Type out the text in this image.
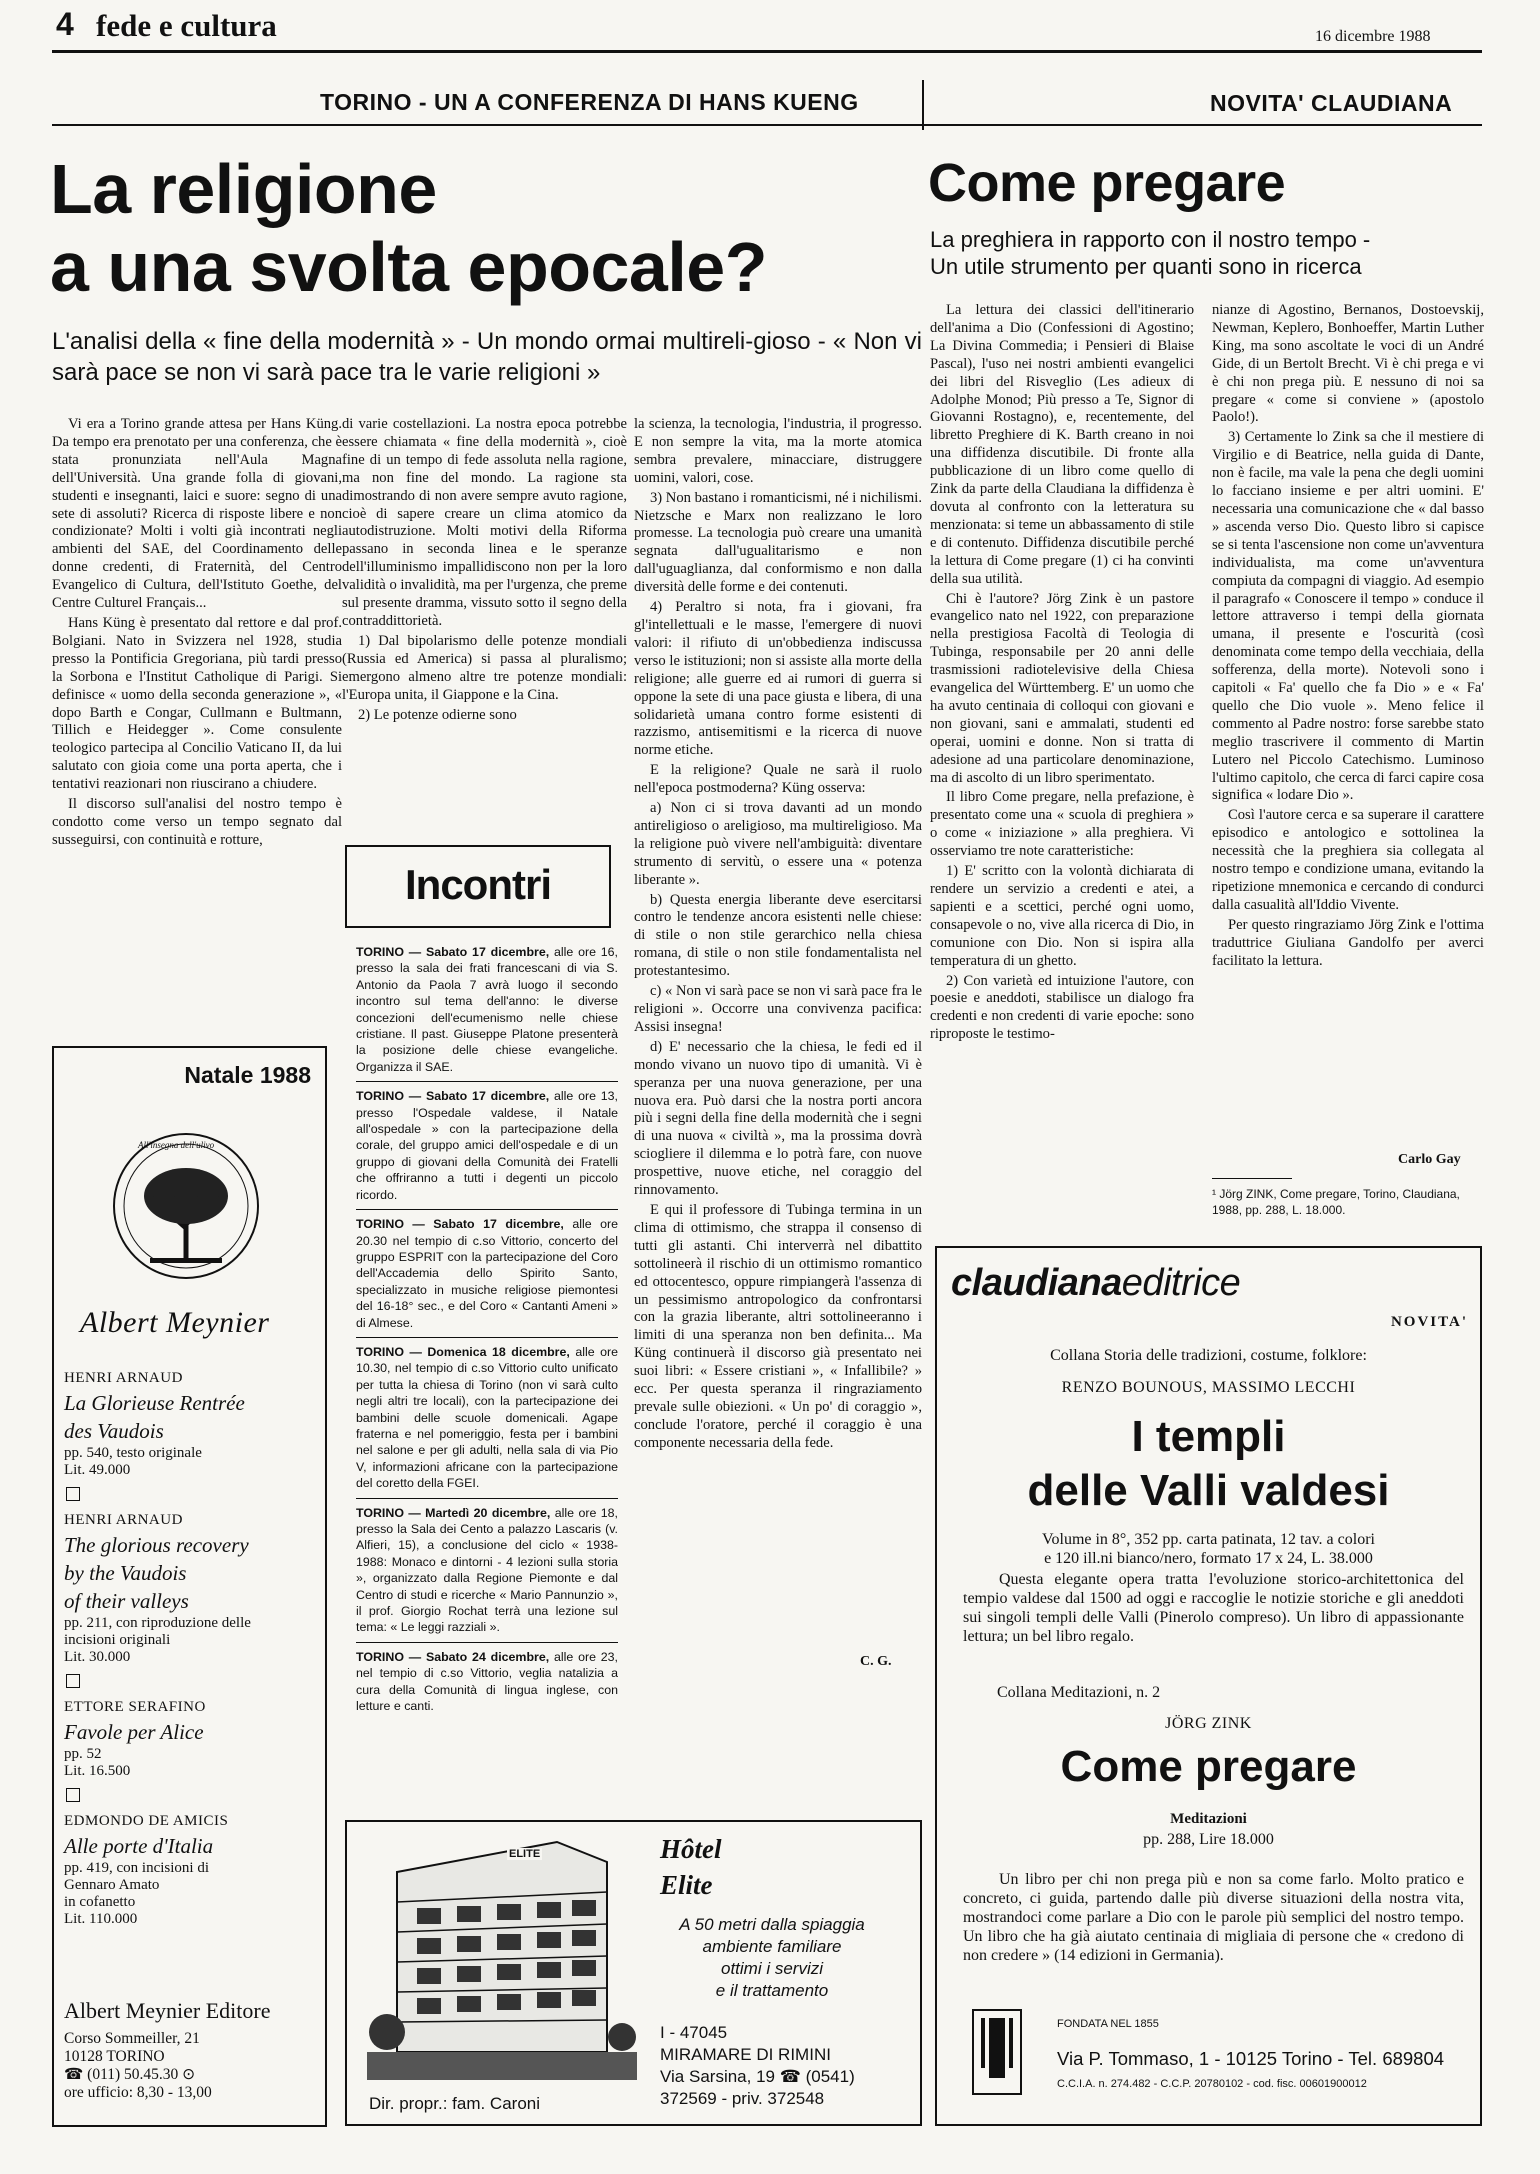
4 fede e cultura	16 dicembre 1988
TORINO - UN A CONFERENZA DI HANS KUENG
La religione
a una svolta epocale?
L'analisi della « fine della modernità » - Un mondo ormai multireli-gioso - « Non vi sarà pace se non vi sarà pace tra le varie religioni »

Vi era a Torino grande attesa per Hans Küng. Da tempo era prenotato per una conferenza, che è stata pronunziata nell'Aula Magna dell'Università. Una grande folla di giovani, studenti e insegnanti, laici e suore: segno di una sete di assoluti? Ricerca di risposte libere e non condizionate? Molti i volti già incontrati negli ambienti del SAE, del Coordinamento delle donne credenti, di Fraternità, del Centro Evangelico di Cultura, dell'Istituto Goethe, del Centre Culturel Français...

Hans Küng è presentato dal rettore e dal prof. Bolgiani. Nato in Svizzera nel 1928, studia presso la Pontificia Gregoriana, più tardi presso la Sorbona e l'Institut Catholique di Parigi. Si definisce « uomo della seconda generazione », « dopo Barth e Congar, Cullmann e Bultmann, Tillich e Heidegger ». Come consulente teologico partecipa al Concilio Vaticano II, da lui salutato con gioia come una porta aperta, che i tentativi reazionari non riuscirano a chiudere.

Il discorso sull'analisi del nostro tempo è condotto come verso un tempo segnato dal susseguirsi, con continuità e rotture,

di varie costellazioni. La nostra epoca potrebbe essere chiamata « fine della modernità », cioè fine di un tempo di fede assoluta nella ragione, ma non fine del mondo. La ragione sta dimostrando di non avere sempre avuto ragione, cioè di sapere creare un clima atomico da autodistruzione. Molti motivi della Riforma passano in seconda linea e le speranze dell'illuminismo impallidiscono non per la loro validità o invalidità, ma per l'urgenza, che preme sul presente dramma, vissuto sotto il segno della contraddittorietà.

1) Dal bipolarismo delle potenze mondiali (Russia ed America) si passa al pluralismo; emergono almeno altre tre potenze mondiali: l'Europa unita, il Giappone e la Cina.

2) Le potenze odierne sono

la scienza, la tecnologia, l'industria, il progresso. E non sempre la vita, ma la morte atomica sembra prevalere, minacciare, distruggere uomini, valori, cose.

3) Non bastano i romanticismi, né i nichilismi. Nietzsche e Marx non realizzano le loro promesse. La tecnologia può creare una umanità segnata dall'ugualitarismo e non dall'uguaglianza, dal conformismo e non dalla diversità delle forme e dei contenuti.

4) Peraltro si nota, fra i giovani, fra gl'intellettuali e le masse, l'emergere di nuovi valori: il rifiuto di un'obbedienza indiscussa verso le istituzioni; non si assiste alla morte della religione; alle guerre ed ai rumori di guerra si oppone la sete di una pace giusta e libera, di una solidarietà umana contro forme esistenti di razzismo, antisemitismi e la ricerca di nuove norme etiche.

E la religione? Quale ne sarà il ruolo nell'epoca postmoderna? Küng osserva:

a) Non ci si trova davanti ad un mondo antireligioso o areligioso, ma multireligioso. Ma la religione può vivere nell'ambiguità: diventare strumento di servitù, o essere una « potenza liberante ».

b) Questa energia liberante deve esercitarsi contro le tendenze ancora esistenti nelle chiese: di stile o non stile gerarchico nella chiesa romana, di stile o non stile fondamentalista nel protestantesimo.

c) « Non vi sarà pace se non vi sarà pace fra le religioni ». Occorre una convivenza pacifica: Assisi insegna!

d) E' necessario che la chiesa, le fedi ed il mondo vivano un nuovo tipo di umanità. Vi è speranza per una nuova generazione, per una nuova era. Può darsi che la nostra porti ancora più i segni della fine della modernità che i segni di una nuova « civiltà », ma la prossima dovrà sciogliere il dilemma e lo potrà fare, con nuove prospettive, nuove etiche, nel coraggio del rinnovamento.

E qui il professore di Tubinga termina in un clima di ottimismo, che strappa il consenso di tutti gli astanti. Chi interverrà nel dibattito sottolineerà il rischio di un ottimismo romantico ed ottocentesco, oppure rimpiangerà l'assenza di un pessimismo antropologico da confrontarsi con la grazia liberante, altri sottolineeranno i limiti di una speranza non ben definita... Ma Küng continuerà il discorso già presentato nei suoi libri: « Essere cristiani », « Infallibile? » ecc. Per questa speranza il ringraziamento prevale sulle obiezioni. « Un po' di coraggio », conclude l'oratore, perché il coraggio è una componente necessaria della fede.

C. G.
Incontri
TORINO — Sabato 17 dicembre, alle ore 16, presso la sala dei frati francescani di via S. Antonio da Paola 7 avrà luogo il secondo incontro sul tema dell'anno: le diverse concezioni dell'ecumenismo nelle chiese cristiane. Il past. Giuseppe Platone presenterà la posizione delle chiese evangeliche. Organizza il SAE.
TORINO — Sabato 17 dicembre, alle ore 13, presso l'Ospedale valdese, il Natale all'ospedale » con la partecipazione della corale, del gruppo amici dell'ospedale e di un gruppo di giovani della Comunità dei Fratelli che offriranno a tutti i degenti un piccolo ricordo.
TORINO — Sabato 17 dicembre, alle ore 20.30 nel tempio di c.so Vittorio, concerto del gruppo ESPRIT con la partecipazione del Coro dell'Accademia dello Spirito Santo, specializzato in musiche religiose piemontesi del 16-18° sec., e del Coro « Cantanti Ameni » di Almese.
TORINO — Domenica 18 dicembre, alle ore 10.30, nel tempio di c.so Vittorio culto unificato per tutta la chiesa di Torino (non vi sarà culto negli altri tre locali), con la partecipazione dei bambini delle scuole domenicali. Agape fraterna e nel pomeriggio, festa per i bambini nel salone e per gli adulti, nella sala di via Pio V, informazioni africane con la partecipazione del coretto della FGEI.
TORINO — Martedì 20 dicembre, alle ore 18, presso la Sala dei Cento a palazzo Lascaris (v. Alfieri, 15), a conclusione del ciclo « 1938-1988: Monaco e dintorni - 4 lezioni sulla storia », organizzato dalla Regione Piemonte e dal Centro di studi e ricerche « Mario Pannunzio », il prof. Giorgio Rochat terrà una lezione sul tema: « Le leggi razziali ».
TORINO — Sabato 24 dicembre, alle ore 23, nel tempio di c.so Vittorio, veglia natalizia a cura della Comunità di lingua inglese, con letture e canti.
Natale 1988
All'insegna dell'ulivo
Albert Meynier
HENRI ARNAUD
La Glorieuse Rentrée
des Vaudois
pp. 540, testo originale
Lit. 49.000
HENRI ARNAUD
The glorious recovery
by the Vaudois
of their valleys
pp. 211, con riproduzione delle
incisioni originali
Lit. 30.000
ETTORE SERAFINO
Favole per Alice
pp. 52
Lit. 16.500
EDMONDO DE AMICIS
Alle porte d'Italia
pp. 419, con incisioni di
Gennaro Amato
in cofanetto
Lit. 110.000
Albert Meynier Editore
Corso Sommeiller, 21
10128 TORINO
☎ (011) 50.45.30 ⊙
ore ufficio: 8,30 - 13,00
ELITE	Hôtel
Elite
A 50 metri dalla spiaggia
ambiente familiare
ottimi i servizi
e il trattamento
I - 47045
MIRAMARE DI RIMINI
Via Sarsina, 19 ☎ (0541)
372569 - priv. 372548
Dir. propr.: fam. Caroni
NOVITA' CLAUDIANA
Come pregare
La preghiera in rapporto con il nostro tempo -
Un utile strumento per quanti sono in ricerca

La lettura dei classici dell'itinerario dell'anima a Dio (Confessioni di Agostino; La Divina Commedia; i Pensieri di Blaise Pascal), l'uso nei nostri ambienti evangelici dei libri del Risveglio (Les adieux di Adolphe Monod; Più presso a Te, Signor di Giovanni Rostagno), e, recentemente, del libretto Preghiere di K. Barth creano in noi una diffidenza discutibile. Di fronte alla pubblicazione di un libro come quello di Zink da parte della Claudiana la diffidenza è dovuta al confronto con la letteratura su menzionata: si teme un abbassamento di stile e di contenuto. Diffidenza discutibile perché la lettura di Come pregare (1) ci ha convinti della sua utilità.

Chi è l'autore? Jörg Zink è un pastore evangelico nato nel 1922, con preparazione nella prestigiosa Facoltà di Teologia di Tubinga, responsabile per 20 anni delle trasmissioni radiotelevisive della Chiesa evangelica del Württemberg. E' un uomo che ha avuto centinaia di colloqui con giovani e non giovani, sani e ammalati, studenti ed operai, uomini e donne. Non si tratta di adesione ad una particolare denominazione, ma di ascolto di un libro sperimentato.

Il libro Come pregare, nella prefazione, è presentato come una « scuola di preghiera » o come « iniziazione » alla preghiera. Vi osserviamo tre note caratteristiche:

1) E' scritto con la volontà dichiarata di rendere un servizio a credenti e atei, a sapienti e a scettici, perché ogni uomo, consapevole o no, vive alla ricerca di Dio, in comunione con Dio. Non si ispira alla temperatura di un ghetto.

2) Con varietà ed intuizione l'autore, con poesie e aneddoti, stabilisce un dialogo fra credenti e non credenti di varie epoche: sono riproposte le testimo-

nianze di Agostino, Bernanos, Dostoevskij, Newman, Keplero, Bonhoeffer, Martin Luther King, ma sono ascoltate le voci di un André Gide, di un Bertolt Brecht. Vi è chi prega e vi è chi non prega più. E nessuno di noi sa pregare « come si conviene » (apostolo Paolo!).

3) Certamente lo Zink sa che il mestiere di Virgilio e di Beatrice, nella guida di Dante, non è facile, ma vale la pena che degli uomini lo facciano insieme e per altri uomini. E' necessaria una comunicazione che « dal basso » ascenda verso Dio. Questo libro si capisce se si tenta l'ascensione non come un'avventura individualista, ma come un'avventura compiuta da compagni di viaggio. Ad esempio il paragrafo « Conoscere il tempo » conduce il lettore attraverso i tempi della giornata umana, il presente e l'oscurità (così denominata come tempo della vecchiaia, della sofferenza, della morte). Notevoli sono i capitoli « Fa' quello che fa Dio » e « Fa' quello che Dio vuole ». Meno felice il commento al Padre nostro: forse sarebbe stato meglio trascrivere il commento di Martin Lutero nel Piccolo Catechismo. Luminoso l'ultimo capitolo, che cerca di farci capire cosa significa « lodare Dio ».

Così l'autore cerca e sa superare il carattere episodico e antologico e sottolinea la necessità che la preghiera sia collegata al nostro tempo e condizione umana, evitando la ripetizione mnemonica e cercando di condurci dalla casualità all'Iddio Vivente.

Per questo ringraziamo Jörg Zink e l'ottima traduttrice Giuliana Gandolfo per averci facilitato la lettura.

Carlo Gay
¹ Jörg ZINK, Come pregare, Torino, Claudiana, 1988, pp. 288, L. 18.000.
claudianaeditrice
NOVITA'
Collana Storia delle tradizioni, costume, folklore:
RENZO BOUNOUS, MASSIMO LECCHI
I templi
delle Valli valdesi
Volume in 8°, 352 pp. carta patinata, 12 tav. a colori
e 120 ill.ni bianco/nero, formato 17 x 24, L. 38.000
Questa elegante opera tratta l'evoluzione storico-architettonica del tempio valdese dal 1500 ad oggi e raccoglie le notizie storiche e gli aneddoti sui singoli templi delle Valli (Pinerolo compreso). Un libro di appassionante lettura; un bel libro regalo.
Collana Meditazioni, n. 2
JÖRG ZINK
Come pregare
Meditazioni
pp. 288, Lire 18.000
Un libro per chi non prega più e non sa come farlo. Molto pratico e concreto, ci guida, partendo dalle più diverse situazioni della nostra vita, mostrandoci come parlare a Dio con le parole più semplici del nostro tempo. Un libro che ha già aiutato centinaia di migliaia di persone che « credono di non credere » (14 edizioni in Germania).
FONDATA NEL 1855
Via P. Tommaso, 1 - 10125 Torino - Tel. 689804
C.C.I.A. n. 274.482 - C.C.P. 20780102 - cod. fisc. 00601900012
